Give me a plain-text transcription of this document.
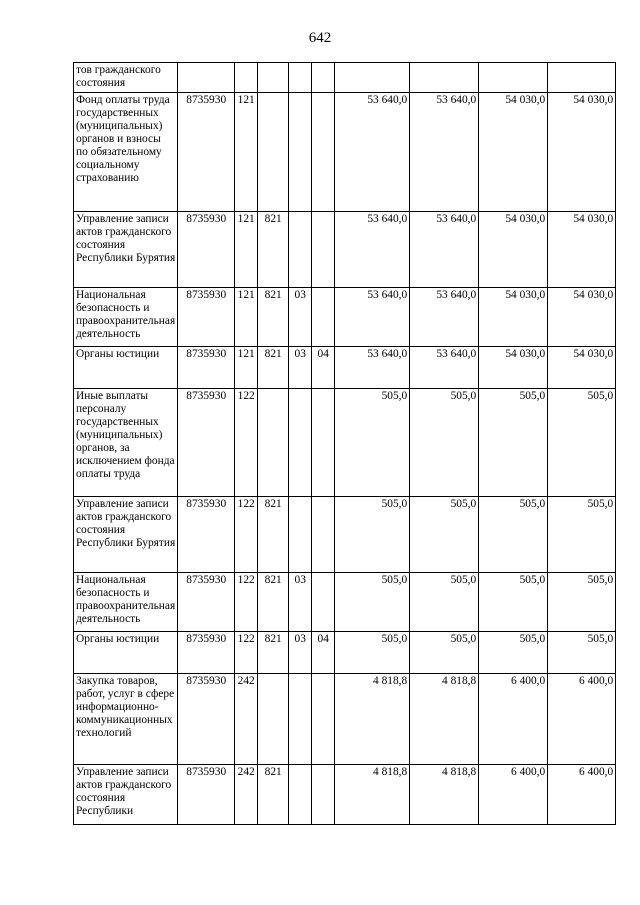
642
тов гражданского состояния									

Фонд оплаты труда государственных (муниципальных) органов и взносы по обязательному социальному страхованию	8735930	121				53 640,0	53 640,0	54 030,0	54 030,0

Управление записи актов гражданского состояния Республики Бурятия	8735930	121	821			53 640,0	53 640,0	54 030,0	54 030,0

Национальная безопасность и правоохранительная деятельность	8735930	121	821	03		53 640,0	53 640,0	54 030,0	54 030,0

Органы юстиции	8735930	121	821	03	04	53 640,0	53 640,0	54 030,0	54 030,0

Иные выплаты персоналу государственных (муниципальных) органов, за исключением фонда оплаты труда	8735930	122				505,0	505,0	505,0	505,0

Управление записи актов гражданского состояния Республики Бурятия	8735930	122	821			505,0	505,0	505,0	505,0

Национальная безопасность и правоохранительная деятельность	8735930	122	821	03		505,0	505,0	505,0	505,0

Органы юстиции	8735930	122	821	03	04	505,0	505,0	505,0	505,0

Закупка товаров, работ, услуг в сфере информационно-коммуникационных технологий	8735930	242				4 818,8	4 818,8	6 400,0	6 400,0

Управление записи актов гражданского состояния Республики	8735930	242	821			4 818,8	4 818,8	6 400,0	6 400,0
